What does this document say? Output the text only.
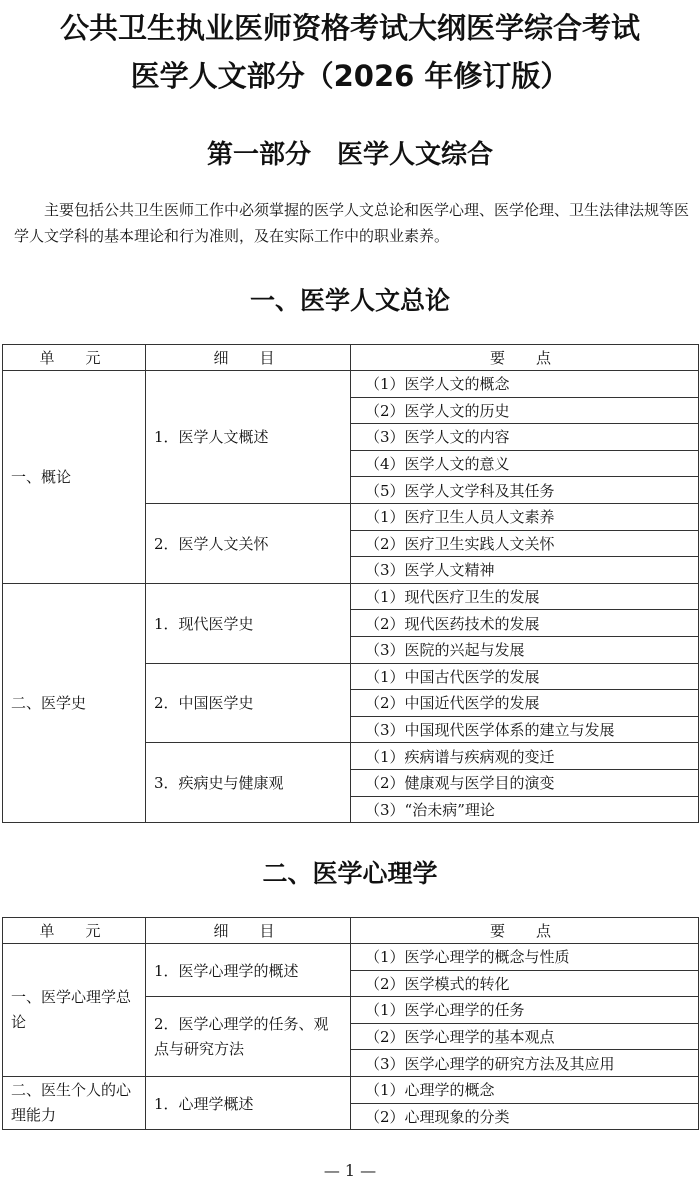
公共卫生执业医师资格考试大纲医学综合考试
医学人文部分（2026 年修订版）
第一部分　医学人文综合
主要包括公共卫生医师工作中必须掌握的医学人文总论和医学心理、医学伦理、卫生法律法规等医学人文学科的基本理论和行为准则，及在实际工作中的职业素养。
一、医学人文总论
单　元	细　目	要　点
一、概论	1．医学人文概述	（1）医学人文的概念
		（2）医学人文的历史
		（3）医学人文的内容
		（4）医学人文的意义
		（5）医学人文学科及其任务
	2．医学人文关怀	（1）医疗卫生人员人文素养
		（2）医疗卫生实践人文关怀
		（3）医学人文精神
二、医学史	1．现代医学史	（1）现代医疗卫生的发展
		（2）现代医药技术的发展
		（3）医院的兴起与发展
	2．中国医学史	（1）中国古代医学的发展
		（2）中国近代医学的发展
		（3）中国现代医学体系的建立与发展
	3．疾病史与健康观	（1）疾病谱与疾病观的变迁
		（2）健康观与医学目的演变
		（3）“治未病”理论
二、医学心理学
单　元	细　目	要　点
一、医学心理学总论	1．医学心理学的概述	（1）医学心理学的概念与性质
		（2）医学模式的转化
	2．医学心理学的任务、观点与研究方法	（1）医学心理学的任务
		（2）医学心理学的基本观点
		（3）医学心理学的研究方法及其应用
二、医生个人的心理能力	1．心理学概述	（1）心理学的概念
		（2）心理现象的分类
— 1 —
